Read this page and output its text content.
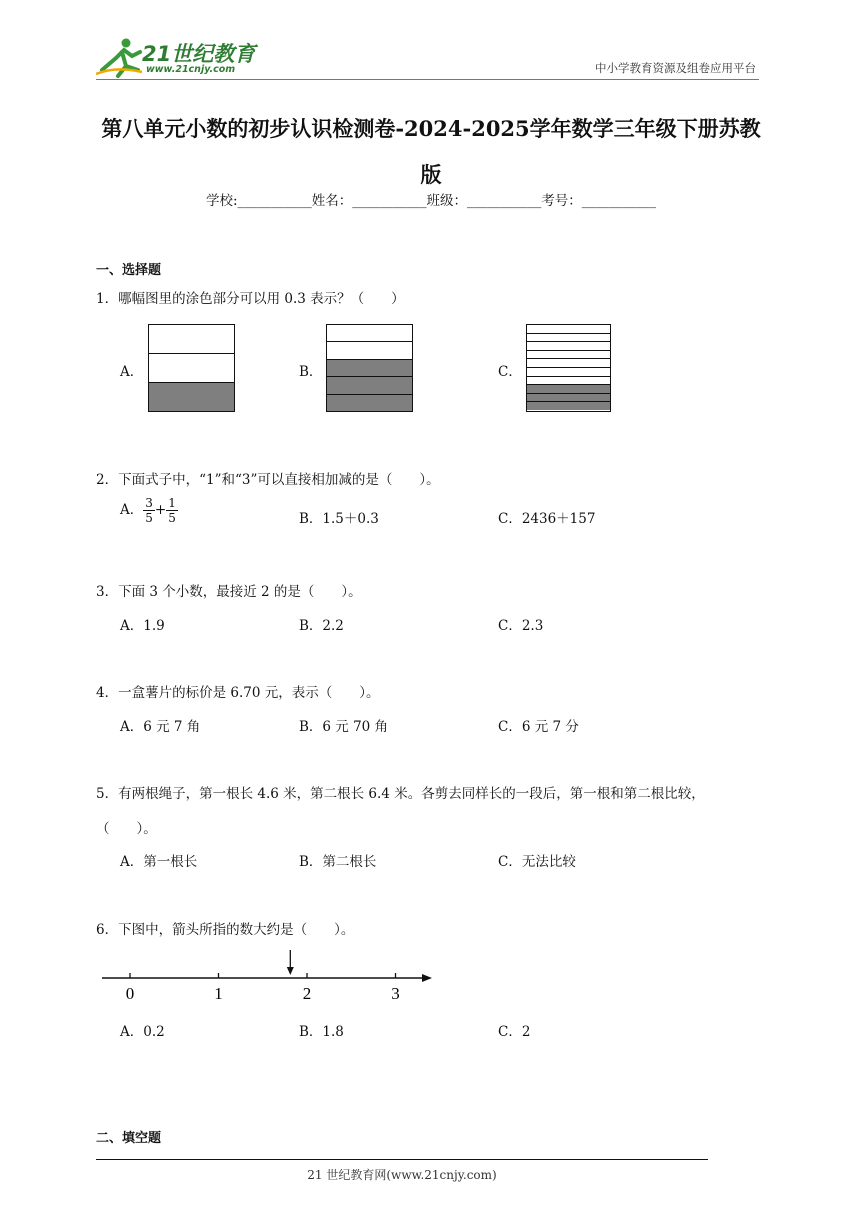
21世纪教育
www.21cnjy.com	中小学教育资源及组卷应用平台
第八单元小数的初步认识检测卷-2024-2025学年数学三年级下册苏教
版
学校:___________姓名：___________班级：___________考号：___________
一、选择题
1．哪幅图里的涂色部分可以用 0.3 表示？（　　）
A．	B．	C．
2．下面式子中，“1”和“3”可以直接相加减的是（　　）。
A． $\frac{3}{5} + \frac{1}{5}$	B．1.5＋0.3	C．2436＋157
3．下面 3 个小数，最接近 2 的是（　　）。
A．1.9	B．2.2	C．2.3
4．一盒薯片的标价是 6.70 元，表示（　　）。
A．6 元 7 角	B．6 元 70 角	C．6 元 7 分
5．有两根绳子，第一根长 4.6 米，第二根长 6.4 米。各剪去同样长的一段后，第一根和第二根比较，
（　　）。
A．第一根长	B．第二根长	C．无法比较
6．下图中，箭头所指的数大约是（　　）。
0	1	2	3
A．0.2	B．1.8	C．2
二、填空题
21 世纪教育网(www.21cnjy.com)
